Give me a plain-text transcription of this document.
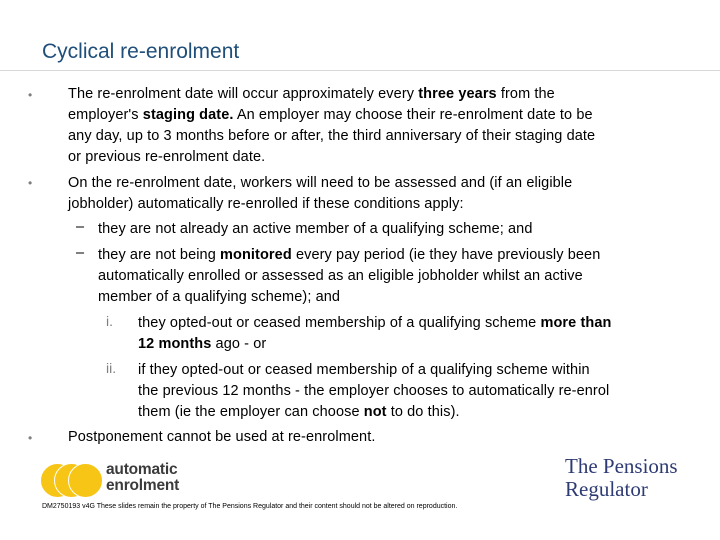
Cyclical re-enrolment
• The re-enrolment date will occur approximately every three years from the
employer's staging date. An employer may choose their re-enrolment date to be
any day, up to 3 months before or after, the third anniversary of their staging date
or previous re-enrolment date.
• On the re-enrolment date, workers will need to be assessed and (if an eligible
jobholder) automatically re-enrolled if these conditions apply:
– they are not already an active member of a qualifying scheme; and
– they are not being monitored every pay period (ie they have previously been
automatically enrolled or assessed as an eligible jobholder whilst an active
member of a qualifying scheme); and
i. they opted-out or ceased membership of a qualifying scheme more than
12 months ago - or
ii. if they opted-out or ceased membership of a qualifying scheme within
the previous 12 months - the employer chooses to automatically re-enrol
them (ie the employer can choose not to do this).
• Postponement cannot be used at re-enrolment.
automatic
enrolment
The Pensions
Regulator
DM2750193 v4G These slides remain the property of The Pensions Regulator and their content should not be altered on reproduction.
